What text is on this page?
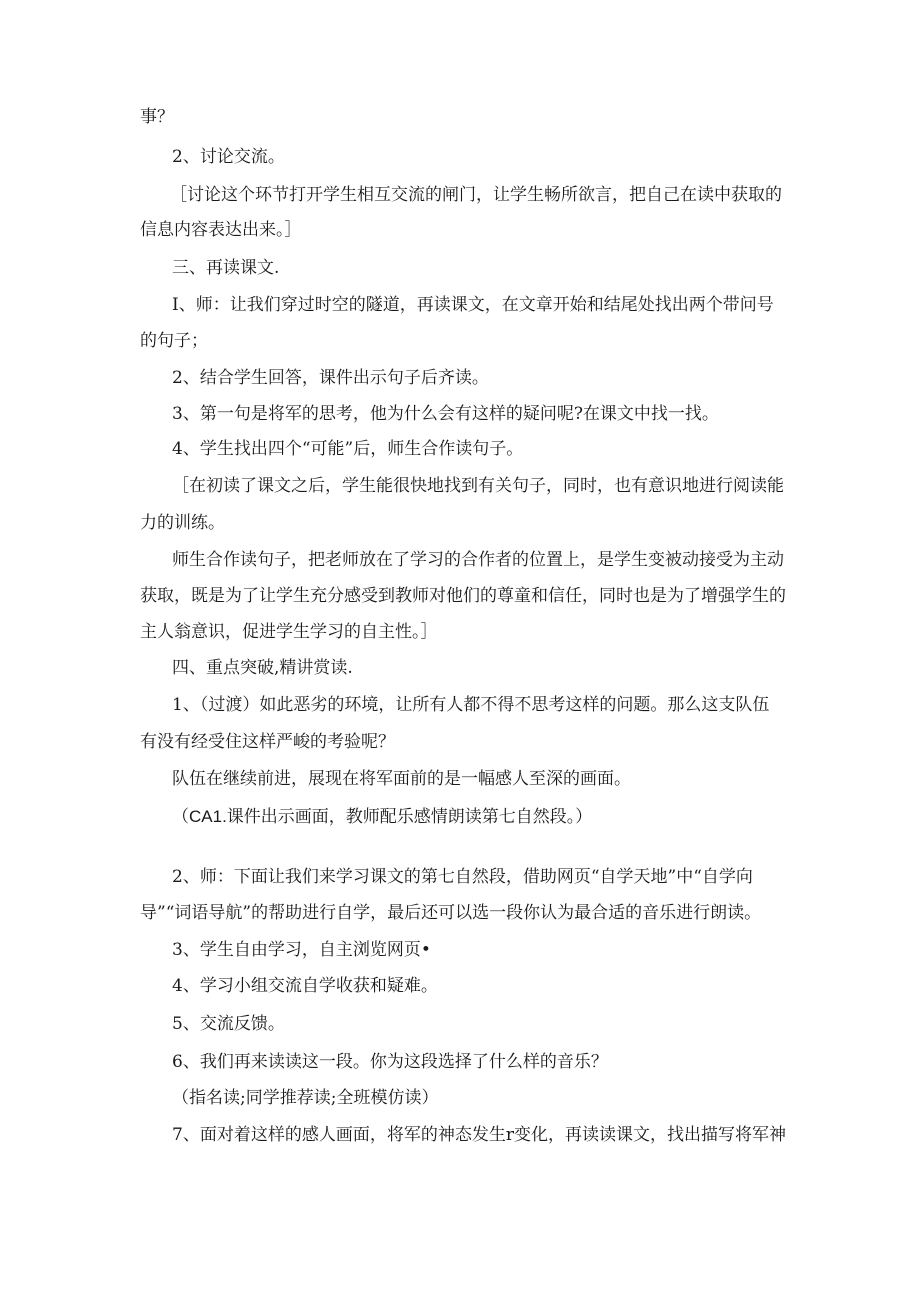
事？

2、讨论交流。

［讨论这个环节打开学生相互交流的闸门，让学生畅所欲言，把自己在读中获取的

信息内容表达出来。］

三、再读课文.

I、师：让我们穿过时空的隧道，再读课文，在文章开始和结尾处找出两个带问号

的句子；

2、结合学生回答，课件出示句子后齐读。

3、第一句是将军的思考，他为什么会有这样的疑问呢?在课文中找一找。

4、学生找出四个“可能”后，师生合作读句子。

［在初读了课文之后，学生能很快地找到有关句子，同时，也有意识地进行阅读能

力的训练。

师生合作读句子，把老师放在了学习的合作者的位置上，是学生变被动接受为主动

获取，既是为了让学生充分感受到教师对他们的尊童和信任，同时也是为了增强学生的

主人翁意识，促进学生学习的自主性。］

四、重点突破,精讲赏读.

1、（过渡）如此恶劣的环境，让所有人都不得不思考这样的问题。那么这支队伍

有没有经受住这样严峻的考验呢？

队伍在继续前进，展现在将军面前的是一幅感人至深的画面。

（CA1.课件出示画面，教师配乐感情朗读第七自然段。）

2、师：下面让我们来学习课文的第七自然段，借助网页“自学天地”中“自学向

导”“词语导航”的帮助进行自学，最后还可以选一段你认为最合适的音乐进行朗读。

3、学生自由学习，自主浏览网页•

4、学习小组交流自学收获和疑难。

5、交流反馈。

6、我们再来读读这一段。你为这段选择了什么样的音乐？

（指名读;同学推荐读;全班模仿读）

7、面对着这样的感人画面，将军的神态发生r变化，再读读课文，找出描写将军神
